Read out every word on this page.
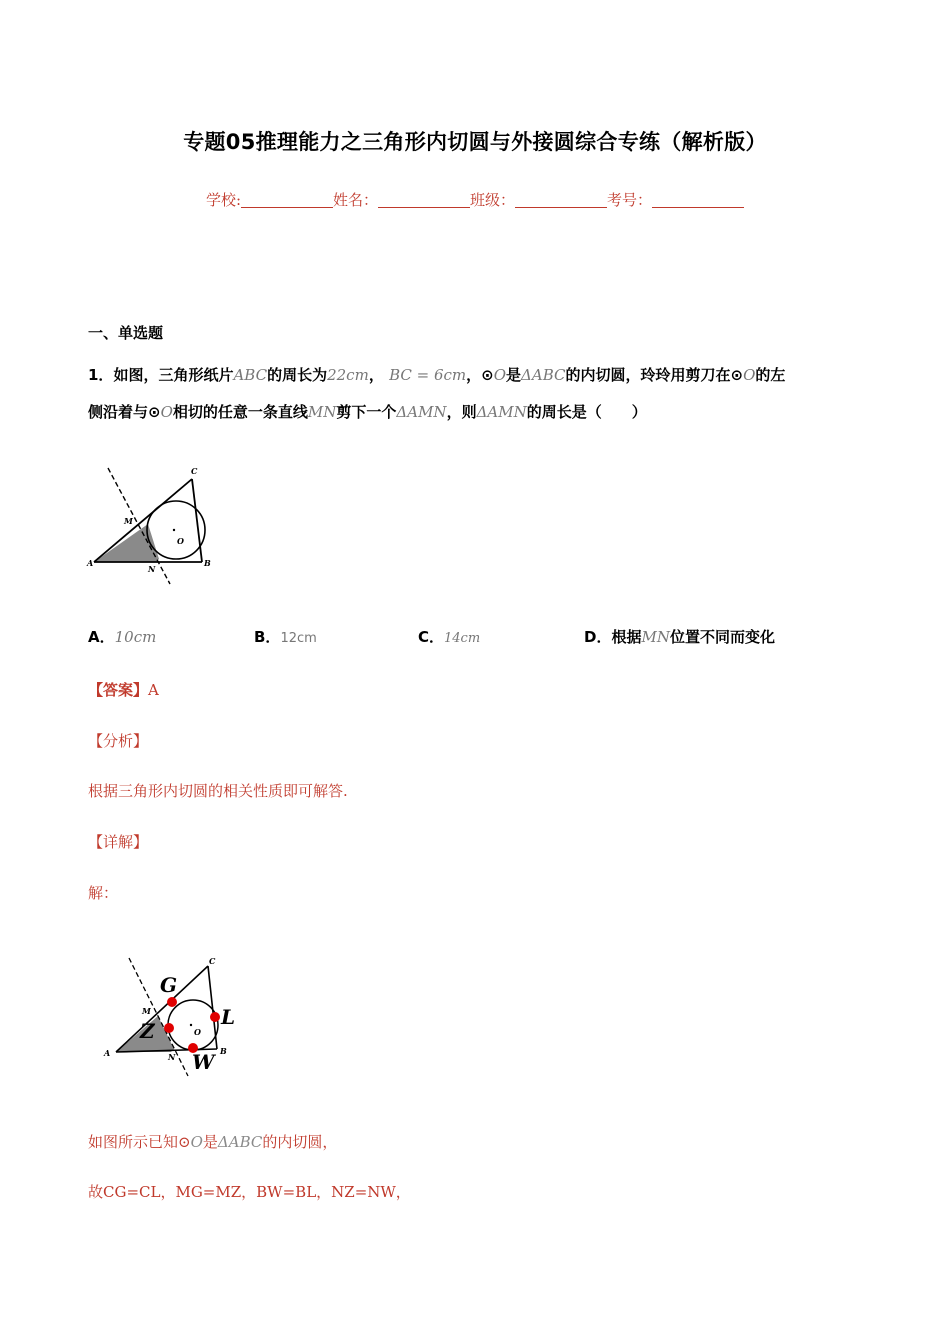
专题05推理能力之三角形内切圆与外接圆综合专练（解析版）
学校:	姓名：	班级：	考号：
一、单选题
1．如图，三角形纸片ABC的周长为22cm， BC = 6cm，⊙O是ΔABC的内切圆，玲玲用剪刀在⊙O的左
侧沿着与⊙O相切的任意一条直线MN剪下一个ΔAMN，则ΔAMN的周长是（　　）
A	B
C
M
N
O
A．10cm	B．12cm	C．14cm	D．根据MN位置不同而变化
【答案】A
【分析】
根据三角形内切圆的相关性质即可解答.
【详解】
解：
A	B
C
M
N
O
G
L
Z
W
如图所示已知⊙O是ΔABC的内切圆，
故CG=CL，MG=MZ，BW=BL，NZ=NW，
